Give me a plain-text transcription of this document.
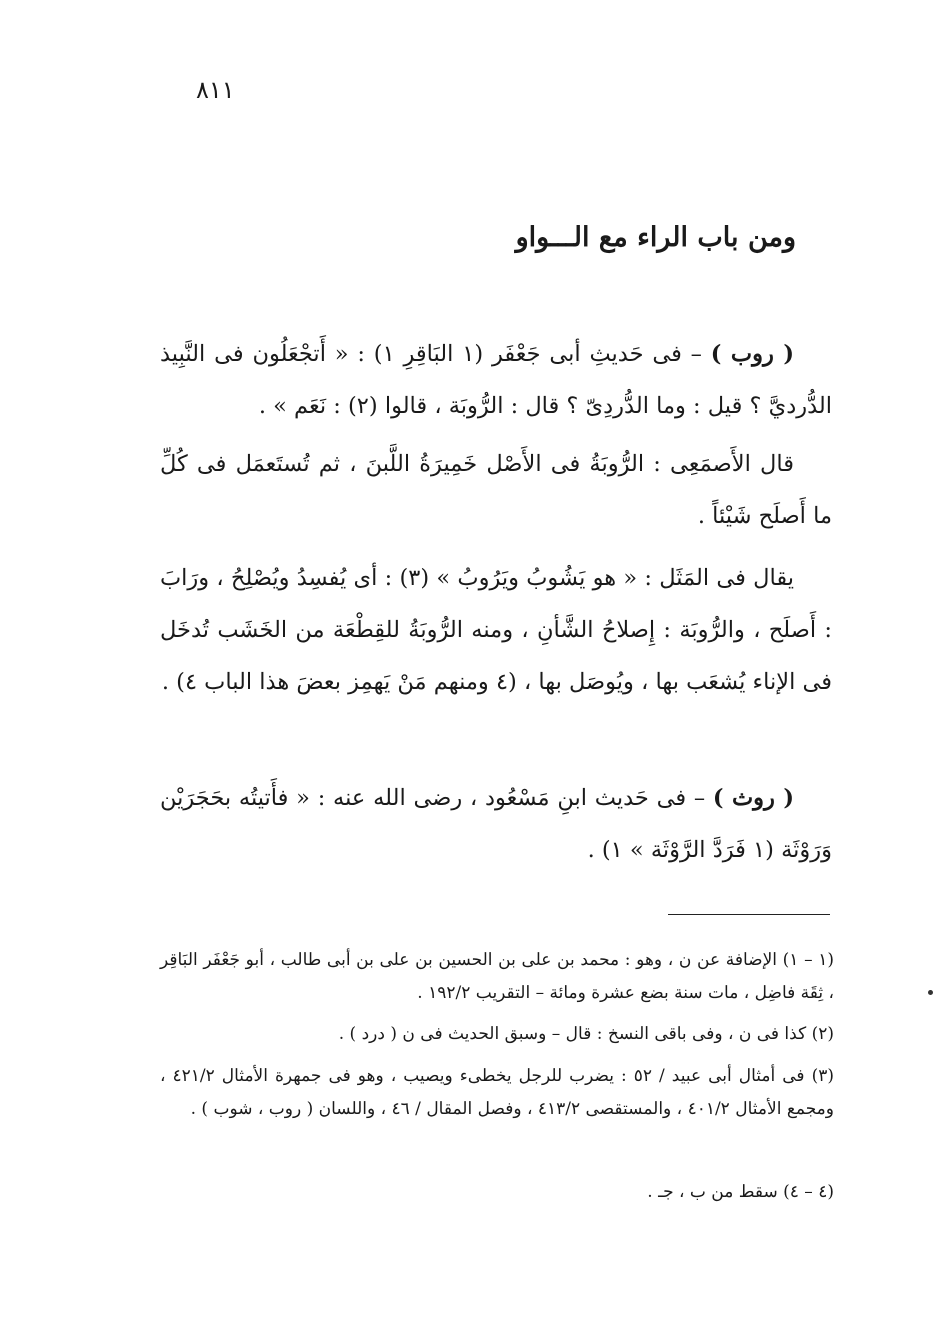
٨١١
ومن باب الراء مع الـــواو

( روب ) – فى حَديثِ أبى جَعْفَر (١ البَاقِرِ ١) : « أَتجْعَلُون فى النَّبِيذ الدُّرديَّ ؟ قيل : وما الدُّردِىّ ؟ قال : الرُّوبَة ، قالوا (٢) : نَعَم » .

قال الأَصمَعِى : الرُّوبَةُ فى الأَصْل خَمِيرَةُ اللَّبنَ ، ثم تُستَعمَل فى كُلِّ ما أَصلَح شَيْئاً .

يقال فى المَثَل : « هو يَشُوبُ ويَرُوبُ » (٣) : أى يُفسِدُ ويُصْلِحُ ، ورَابَ : أَصلَح ، والرُّوبَة : إِصلاحُ الشَّأنِ ، ومنه الرُّوبَةُ للقِطْعَة من الخَشَب تُدخَل فى الإناء يُشعَب بها ، ويُوصَل بها ، (٤ ومنهم مَنْ يَهمِز بعضَ هذا الباب ٤) .

( روث ) – فى حَديث ابنِ مَسْعُود ، رضى الله عنه : « فأَتيتُه بحَجَرَيْن وَرَوْثَة (١ فَرَدَّ الرَّوْثَة » ١) .

(١ – ١) الإضافة عن ن ، وهو : محمد بن على بن الحسين بن على بن أبى طالب ، أبو جَعْفَر البَاقِر ، ثِقَة فاضِل ، مات سنة بضع عشرة ومائة – التقريب ١٩٢/٢ .

(٢) كذا فى ن ، وفى باقى النسخ : قال – وسبق الحديث فى ن ( درد ) .

(٣) فى أمثال أبى عبيد / ٥٢ : يضرب للرجل يخطىء ويصيب ، وهو فى جمهرة الأمثال ٤٢١/٢ ، ومجمع الأمثال ٤٠١/٢ ، والمستقصى ٤١٣/٢ ، وفصل المقال / ٤٦ ، واللسان ( روب ، شوب ) .

(٤ – ٤) سقط من ب ، جـ .
